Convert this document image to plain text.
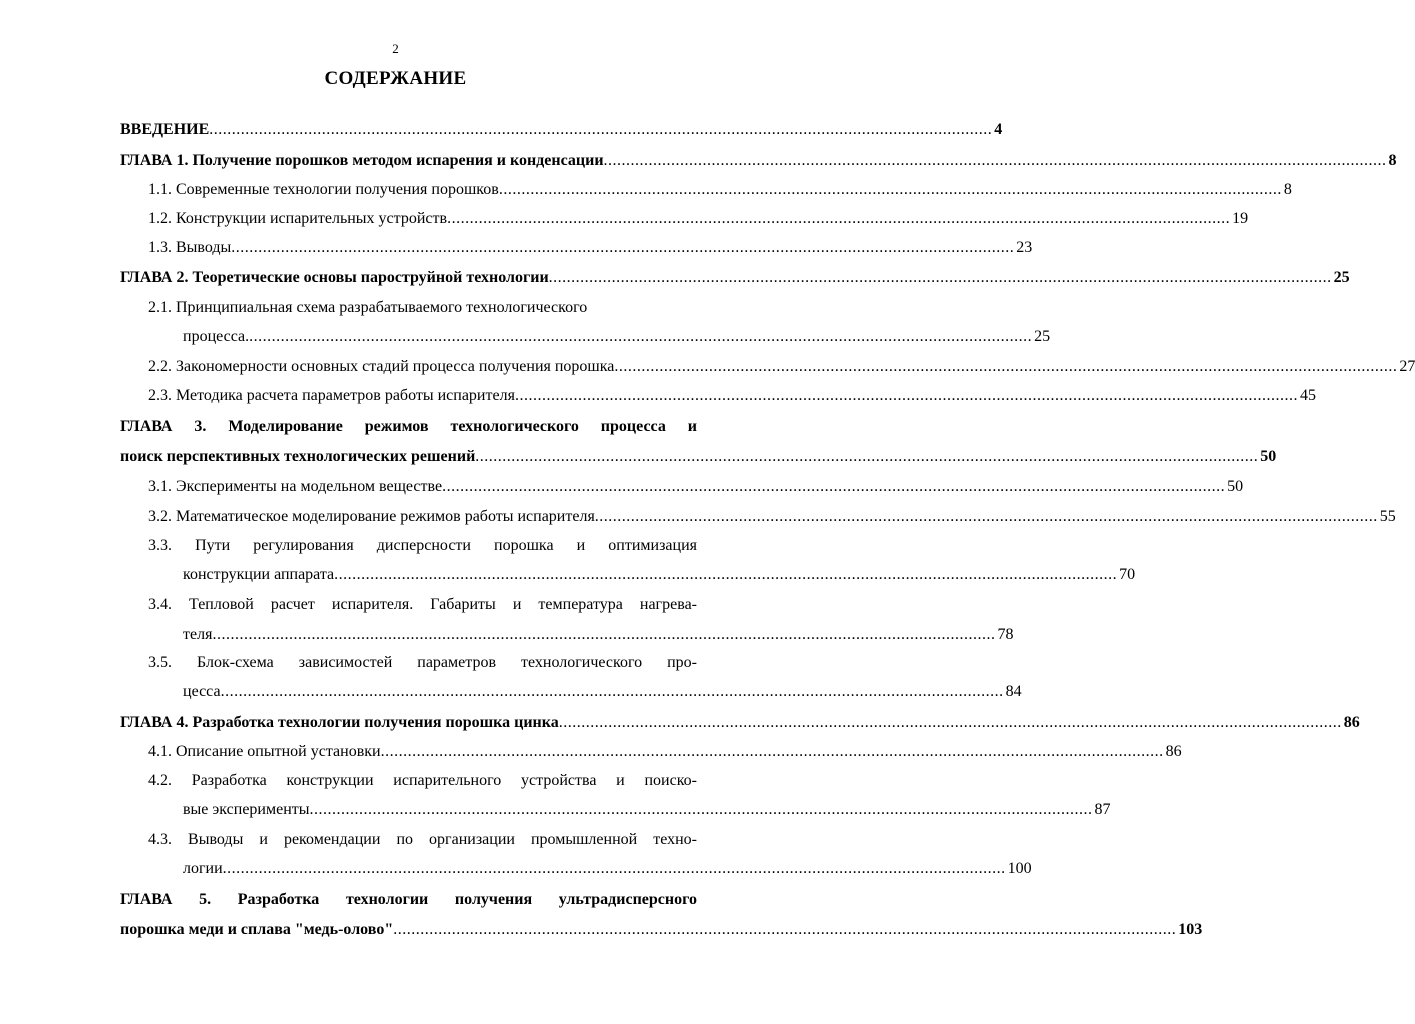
2
СОДЕРЖАНИЕ
ВВЕДЕНИЕ .....	4
ГЛАВА 1. Получение порошков методом испарения и конденсации .....	8
1.1. Современные технологии получения порошков .....	8
1.2. Конструкции испарительных устройств .....	19
1.3. Выводы .....	23
ГЛАВА 2. Теоретические основы пароструйной технологии .....	25
2.1. Принципиальная схема разрабатываемого технологического
процесса. .....	25
2.2. Закономерности основных стадий процесса получения порошка .....	27
2.3. Методика расчета параметров работы испарителя .....	45
ГЛАВА 3. Моделирование режимов технологического процесса и
поиск перспективных технологических решений .....	50
3.1. Эксперименты на модельном веществе .....	50
3.2. Математическое моделирование режимов работы испарителя .....	55
3.3. Пути регулирования дисперсности порошка и оптимизация
конструкции аппарата .....	70
3.4. Тепловой расчет испарителя. Габариты и температура нагрева-
теля .....	78
3.5. Блок-схема зависимостей параметров технологического про-
цесса .....	84
ГЛАВА 4. Разработка технологии получения порошка цинка .....	86
4.1. Описание опытной установки .....	86
4.2. Разработка конструкции испарительного устройства и поиско-
вые эксперименты .....	87
4.3. Выводы и рекомендации по организации промышленной техно-
логии .....	100
ГЛАВА 5. Разработка технологии получения ультрадисперсного
порошка меди и сплава "медь-олово" .....	103
